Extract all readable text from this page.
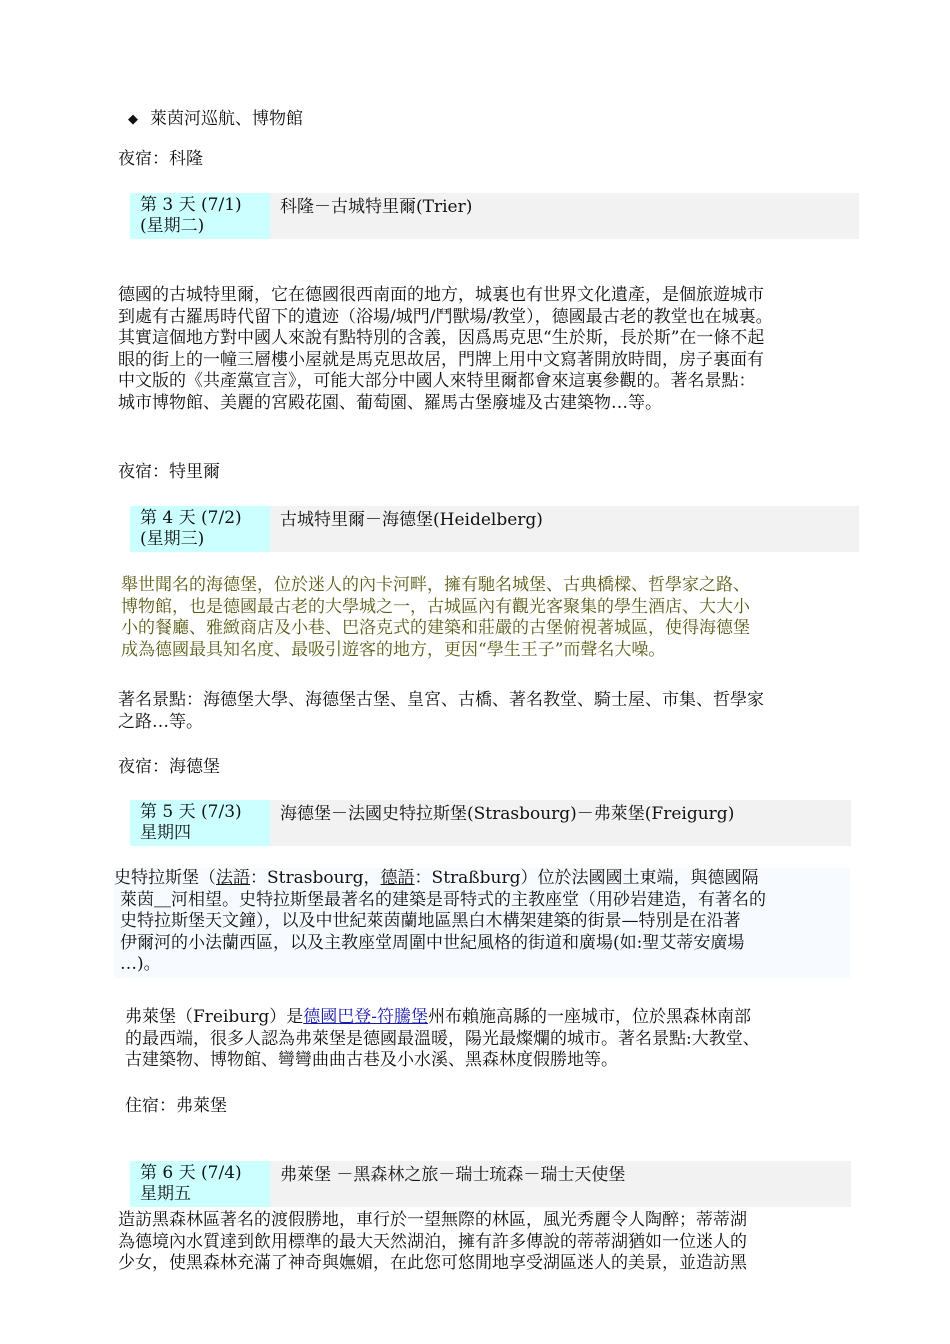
◆ 萊茵河巡航、博物館

夜宿：科隆

第 3 天 (7/1)
(星期二)
科隆－古城特里爾(Trier)

德國的古城特里爾，它在德國很西南面的地方，城裏也有世界文化遺產，是個旅遊城市

到處有古羅馬時代留下的遺迹（浴場/城門/鬥獸場/教堂），德國最古老的教堂也在城裏。

其實這個地方對中國人來說有點特別的含義，因爲馬克思“生於斯，長於斯”在一條不起

眼的街上的一幢三層樓小屋就是馬克思故居，門牌上用中文寫著開放時間，房子裏面有

中文版的《共產黨宣言》，可能大部分中國人來特里爾都會來這裏參觀的。著名景點：

城市博物館、美麗的宮殿花園、葡萄園、羅馬古堡廢墟及古建築物…等。

夜宿：特里爾

第 4 天 (7/2)
(星期三)
古城特里爾－海德堡(Heidelberg)

舉世聞名的海德堡，位於迷人的內卡河畔，擁有馳名城堡、古典橋樑、哲學家之路、

博物館，也是德國最古老的大學城之一，古城區內有觀光客聚集的學生酒店、大大小

小的餐廳、雅緻商店及小巷、巴洛克式的建築和莊嚴的古堡俯視著城區，使得海德堡

成為德國最具知名度、最吸引遊客的地方，更因“學生王子”而聲名大噪。

著名景點：海德堡大學、海德堡古堡、皇宮、古橋、著名教堂、騎士屋、市集、哲學家

之路…等。

夜宿：海德堡

第 5 天 (7/3)
星期四
海德堡－法國史特拉斯堡(Strasbourg)－弗萊堡(Freigurg)

史特拉斯堡（法語：Strasbourg，德語：Straßburg）位於法國國土東端，與德國隔

萊茵＿河相望。史特拉斯堡最著名的建築是哥特式的主教座堂（用砂岩建造，有著名的

史特拉斯堡天文鐘），以及中世紀萊茵蘭地區黑白木構架建築的街景—特別是在沿著

伊爾河的小法蘭西區，以及主教座堂周圍中世紀風格的街道和廣場(如:聖艾蒂安廣場

…)。

弗萊堡（Freiburg）是德國巴登-符騰堡州布賴施高縣的一座城市，位於黑森林南部

的最西端，很多人認為弗萊堡是德國最溫暖，陽光最燦爛的城市。著名景點:大教堂、

古建築物、博物館、彎彎曲曲古巷及小水溪、黑森林度假勝地等。

住宿：弗萊堡

第 6 天 (7/4)
星期五
弗萊堡 －黑森林之旅－瑞士琉森－瑞士天使堡

造訪黑森林區著名的渡假勝地，車行於一望無際的林區，風光秀麗令人陶醉；蒂蒂湖

為德境內水質達到飲用標準的最大天然湖泊，擁有許多傳說的蒂蒂湖猶如一位迷人的

少女，使黑森林充滿了神奇與嫵媚，在此您可悠閒地享受湖區迷人的美景，並造訪黑
